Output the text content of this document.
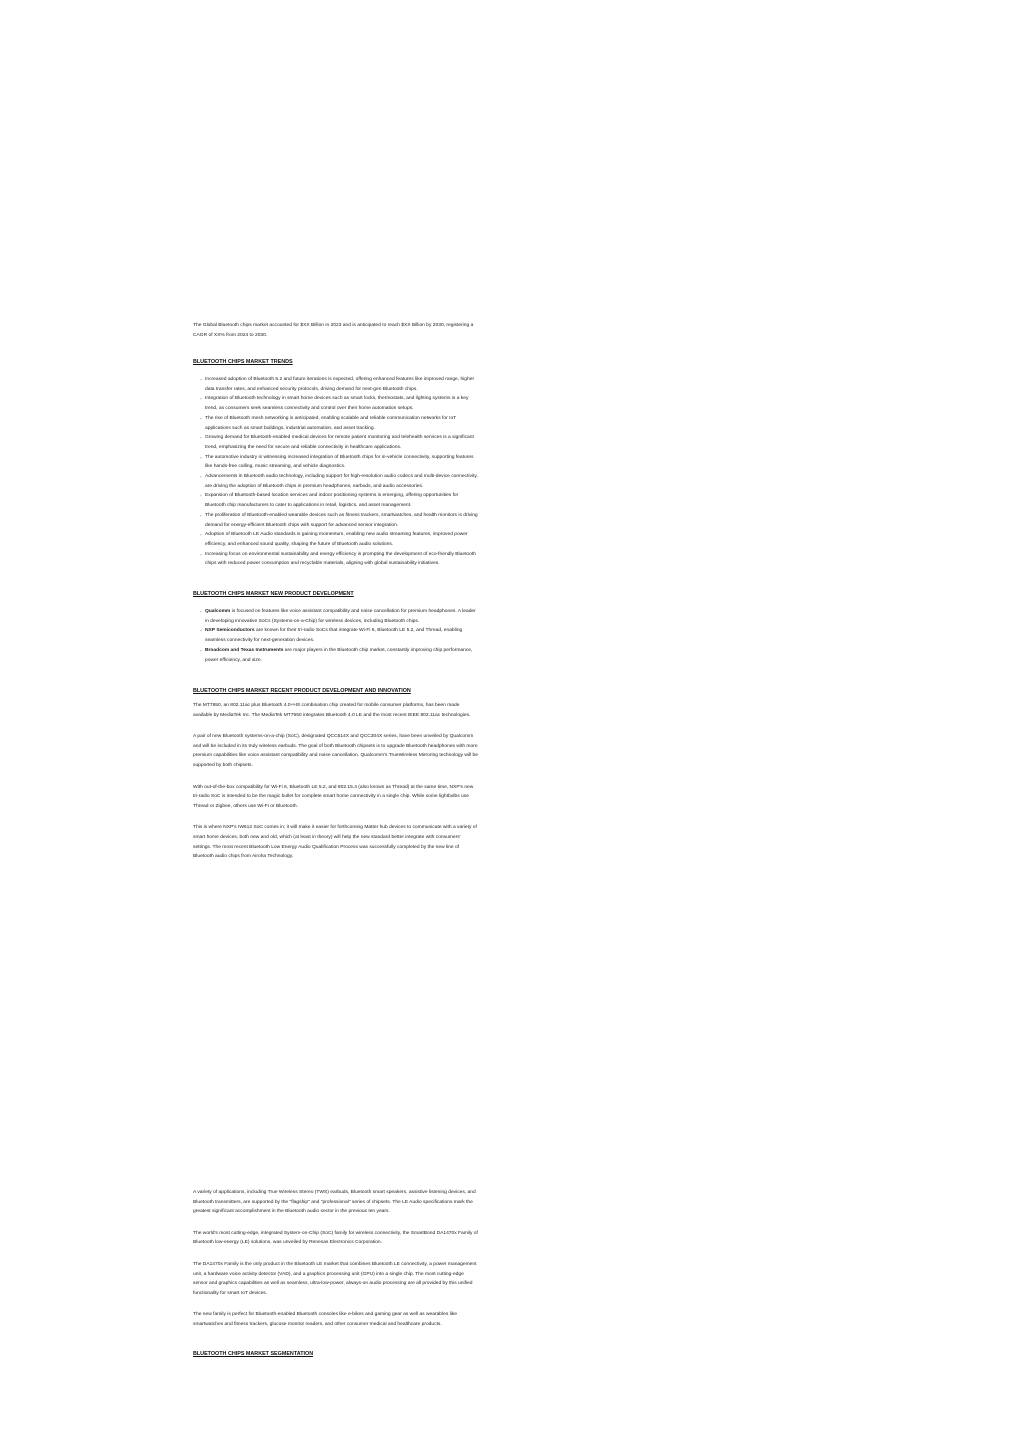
The Global Bluetooth chips market accounted for $XX Billion in 2023 and is anticipated to reach $XX Billion by 2030, registering a CAGR of XX% from 2024 to 2030.

BLUETOOTH CHIPS MARKET TRENDS
◦ Increased adoption of Bluetooth 5.2 and future iterations is expected, offering enhanced features like improved range, higher data transfer rates, and enhanced security protocols, driving demand for next-gen Bluetooth chips.
◦ Integration of Bluetooth technology in smart home devices such as smart locks, thermostats, and lighting systems is a key trend, as consumers seek seamless connectivity and control over their home automation setups.
◦ The rise of Bluetooth mesh networking is anticipated, enabling scalable and reliable communication networks for IoT applications such as smart buildings, industrial automation, and asset tracking.
◦ Growing demand for Bluetooth-enabled medical devices for remote patient monitoring and telehealth services is a significant trend, emphasizing the need for secure and reliable connectivity in healthcare applications.
◦ The automotive industry is witnessing increased integration of Bluetooth chips for in-vehicle connectivity, supporting features like hands-free calling, music streaming, and vehicle diagnostics.
◦ Advancements in Bluetooth audio technology, including support for high-resolution audio codecs and multi-device connectivity, are driving the adoption of Bluetooth chips in premium headphones, earbuds, and audio accessories.
◦ Expansion of Bluetooth-based location services and indoor positioning systems is emerging, offering opportunities for Bluetooth chip manufacturers to cater to applications in retail, logistics, and asset management.
◦ The proliferation of Bluetooth-enabled wearable devices such as fitness trackers, smartwatches, and health monitors is driving demand for energy-efficient Bluetooth chips with support for advanced sensor integration.
◦ Adoption of Bluetooth LE Audio standards is gaining momentum, enabling new audio streaming features, improved power efficiency, and enhanced sound quality, shaping the future of Bluetooth audio solutions.
◦ Increasing focus on environmental sustainability and energy efficiency is prompting the development of eco-friendly Bluetooth chips with reduced power consumption and recyclable materials, aligning with global sustainability initiatives.
BLUETOOTH CHIPS MARKET NEW PRODUCT DEVELOPMENT
◦ Qualcomm is focused on features like voice assistant compatibility and noise cancellation for premium headphones. A leader in developing innovative SoCs (Systems-on-a-Chip) for wireless devices, including Bluetooth chips.
◦ NXP Semiconductors are known for their tri-radio SoCs that integrate Wi-Fi 6, Bluetooth LE 5.2, and Thread, enabling seamless connectivity for next-generation devices.
◦ Broadcom and Texas Instruments are major players in the Bluetooth chip market, constantly improving chip performance, power efficiency, and size.
BLUETOOTH CHIPS MARKET RECENT PRODUCT DEVELOPMENT AND INNOVATION

The MT7650, an 802.11ac plus Bluetooth 4.0+HS combination chip created for mobile consumer platforms, has been made available by MediaTek Inc. The MediaTek MT7650 integrates Bluetooth 4.0 LE and the most recent IEEE 802.11ac technologies.

A pair of new Bluetooth systems-on-a-chip (SoC), designated QCC514X and QCC304X series, have been unveiled by Qualcomm and will be included in its truly wireless earbuds. The goal of both Bluetooth chipsets is to upgrade Bluetooth headphones with more premium capabilities like voice assistant compatibility and noise cancellation. Qualcomm's TrueWireless Mirroring technology will be supported by both chipsets.

With out-of-the-box compatibility for Wi-Fi 6, Bluetooth LE 5.2, and 802.15.4 (also known as Thread) at the same time, NXP's new tri-radio SoC is intended to be the magic bullet for complete smart home connectivity in a single chip. While some lightbulbs use Thread or Zigbee, others use Wi-Fi or Bluetooth.

This is where NXP's IW612 SoC comes in; it will make it easier for forthcoming Matter hub devices to communicate with a variety of smart home devices, both new and old, which (at least in theory) will help the new standard better integrate with consumers' settings. The most recent Bluetooth Low Energy Audio Qualification Process was successfully completed by the new line of Bluetooth audio chips from Airoha Technology.

A variety of applications, including True Wireless Stereo (TWS) earbuds, Bluetooth smart speakers, assistive listening devices, and Bluetooth transmitters, are supported by the "flagship" and "professional" series of chipsets. The LE Audio specifications mark the greatest significant accomplishment in the Bluetooth audio sector in the previous ten years.

The world's most cutting-edge, integrated System-on-Chip (SoC) family for wireless connectivity, the SmartBond DA1470x Family of Bluetooth low-energy (LE) solutions, was unveiled by Renesas Electronics Corporation.

The DA1470x Family is the only product in the Bluetooth LE market that combines Bluetooth LE connectivity, a power management unit, a hardware voice activity detector (VAD), and a graphics processing unit (GPU) into a single chip. The most cutting-edge sensor and graphics capabilities as well as seamless, ultra-low-power, always-on audio processing are all provided by this unified functionality for smart IoT devices.

The new family is perfect for Bluetooth-enabled Bluetooth consoles like e-bikes and gaming gear as well as wearables like smartwatches and fitness trackers, glucose monitor readers, and other consumer medical and healthcare products.

BLUETOOTH CHIPS MARKET SEGMENTATION
